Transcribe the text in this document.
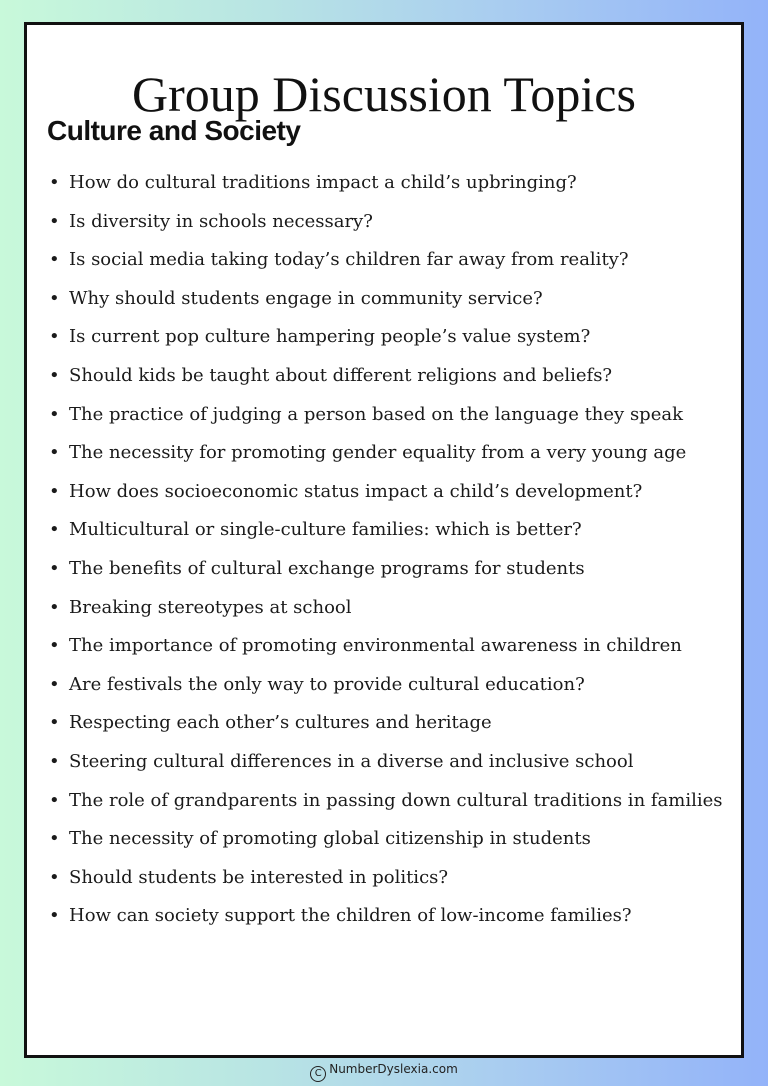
Group Discussion Topics
Culture and Society
• How do cultural traditions impact a child’s upbringing?
• Is diversity in schools necessary?
• Is social media taking today’s children far away from reality?
• Why should students engage in community service?
• Is current pop culture hampering people’s value system?
• Should kids be taught about different religions and beliefs?
• The practice of judging a person based on the language they speak
• The necessity for promoting gender equality from a very young age
• How does socioeconomic status impact a child’s development?
• Multicultural or single-culture families: which is better?
• The benefits of cultural exchange programs for students
• Breaking stereotypes at school
• The importance of promoting environmental awareness in children
• Are festivals the only way to provide cultural education?
• Respecting each other’s cultures and heritage
• Steering cultural differences in a diverse and inclusive school
• The role of grandparents in passing down cultural traditions in families
• The necessity of promoting global citizenship in students
• Should students be interested in politics?
• How can society support the children of low-income families?
C NumberDyslexia.com
